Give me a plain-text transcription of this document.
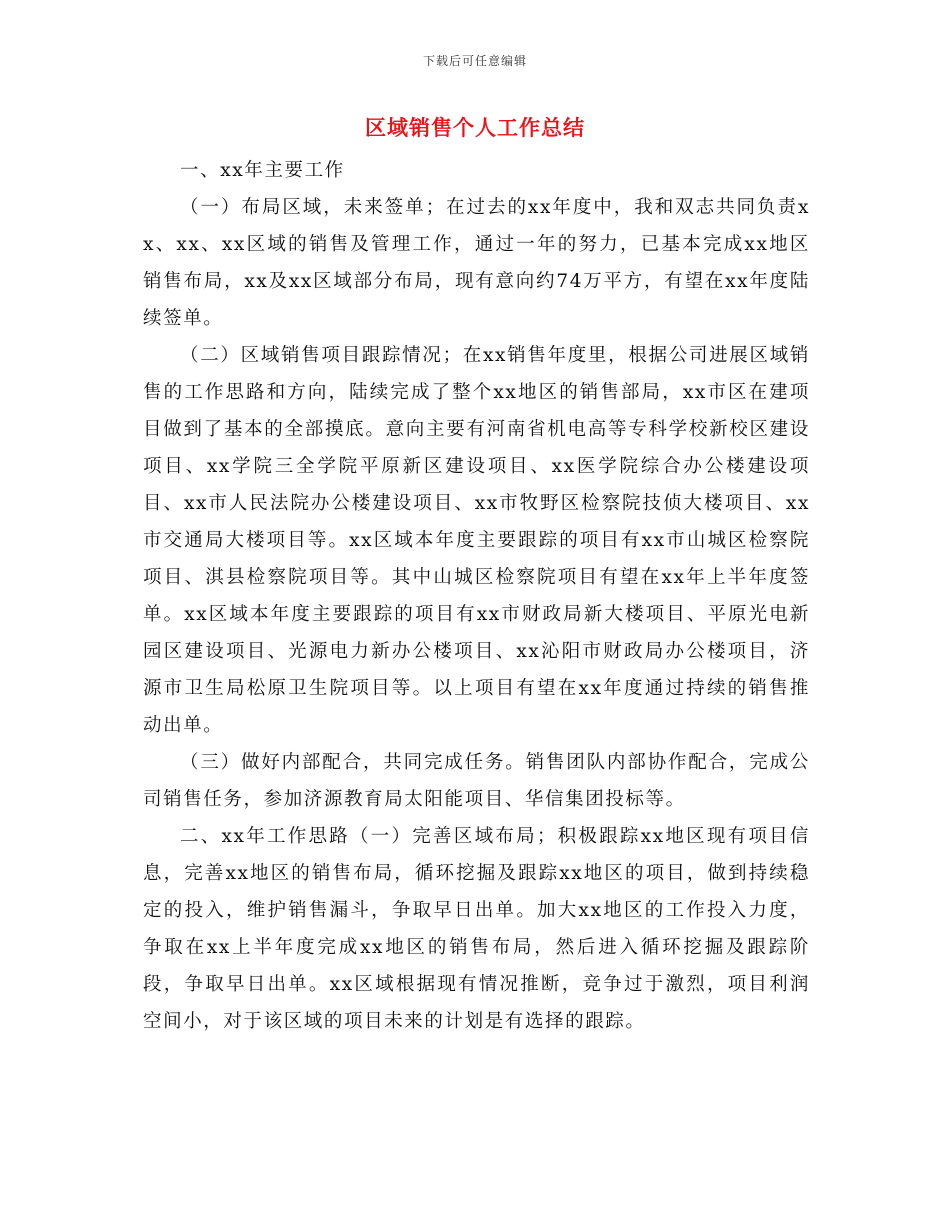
下载后可任意编辑
区域销售个人工作总结

一、xx年主要工作

（一）布局区域，未来签单；在过去的xx年度中，我和双志共同负责xx、xx、xx区域的销售及管理工作，通过一年的努力，已基本完成xx地区销售布局，xx及xx区域部分布局，现有意向约74万平方，有望在xx年度陆续签单。

（二）区域销售项目跟踪情况；在xx销售年度里，根据公司进展区域销售的工作思路和方向，陆续完成了整个xx地区的销售部局，xx市区在建项目做到了基本的全部摸底。意向主要有河南省机电高等专科学校新校区建设项目、xx学院三全学院平原新区建设项目、xx医学院综合办公楼建设项目、xx市人民法院办公楼建设项目、xx市牧野区检察院技侦大楼项目、xx市交通局大楼项目等。xx区域本年度主要跟踪的项目有xx市山城区检察院项目、淇县检察院项目等。其中山城区检察院项目有望在xx年上半年度签单。xx区域本年度主要跟踪的项目有xx市财政局新大楼项目、平原光电新园区建设项目、光源电力新办公楼项目、xx沁阳市财政局办公楼项目，济源市卫生局松原卫生院项目等。以上项目有望在xx年度通过持续的销售推动出单。

（三）做好内部配合，共同完成任务。销售团队内部协作配合，完成公司销售任务，参加济源教育局太阳能项目、华信集团投标等。

二、xx年工作思路（一）完善区域布局；积极跟踪xx地区现有项目信息，完善xx地区的销售布局，循环挖掘及跟踪xx地区的项目，做到持续稳定的投入，维护销售漏斗，争取早日出单。加大xx地区的工作投入力度，争取在xx上半年度完成xx地区的销售布局，然后进入循环挖掘及跟踪阶段，争取早日出单。xx区域根据现有情况推断，竞争过于激烈，项目利润空间小，对于该区域的项目未来的计划是有选择的跟踪。
